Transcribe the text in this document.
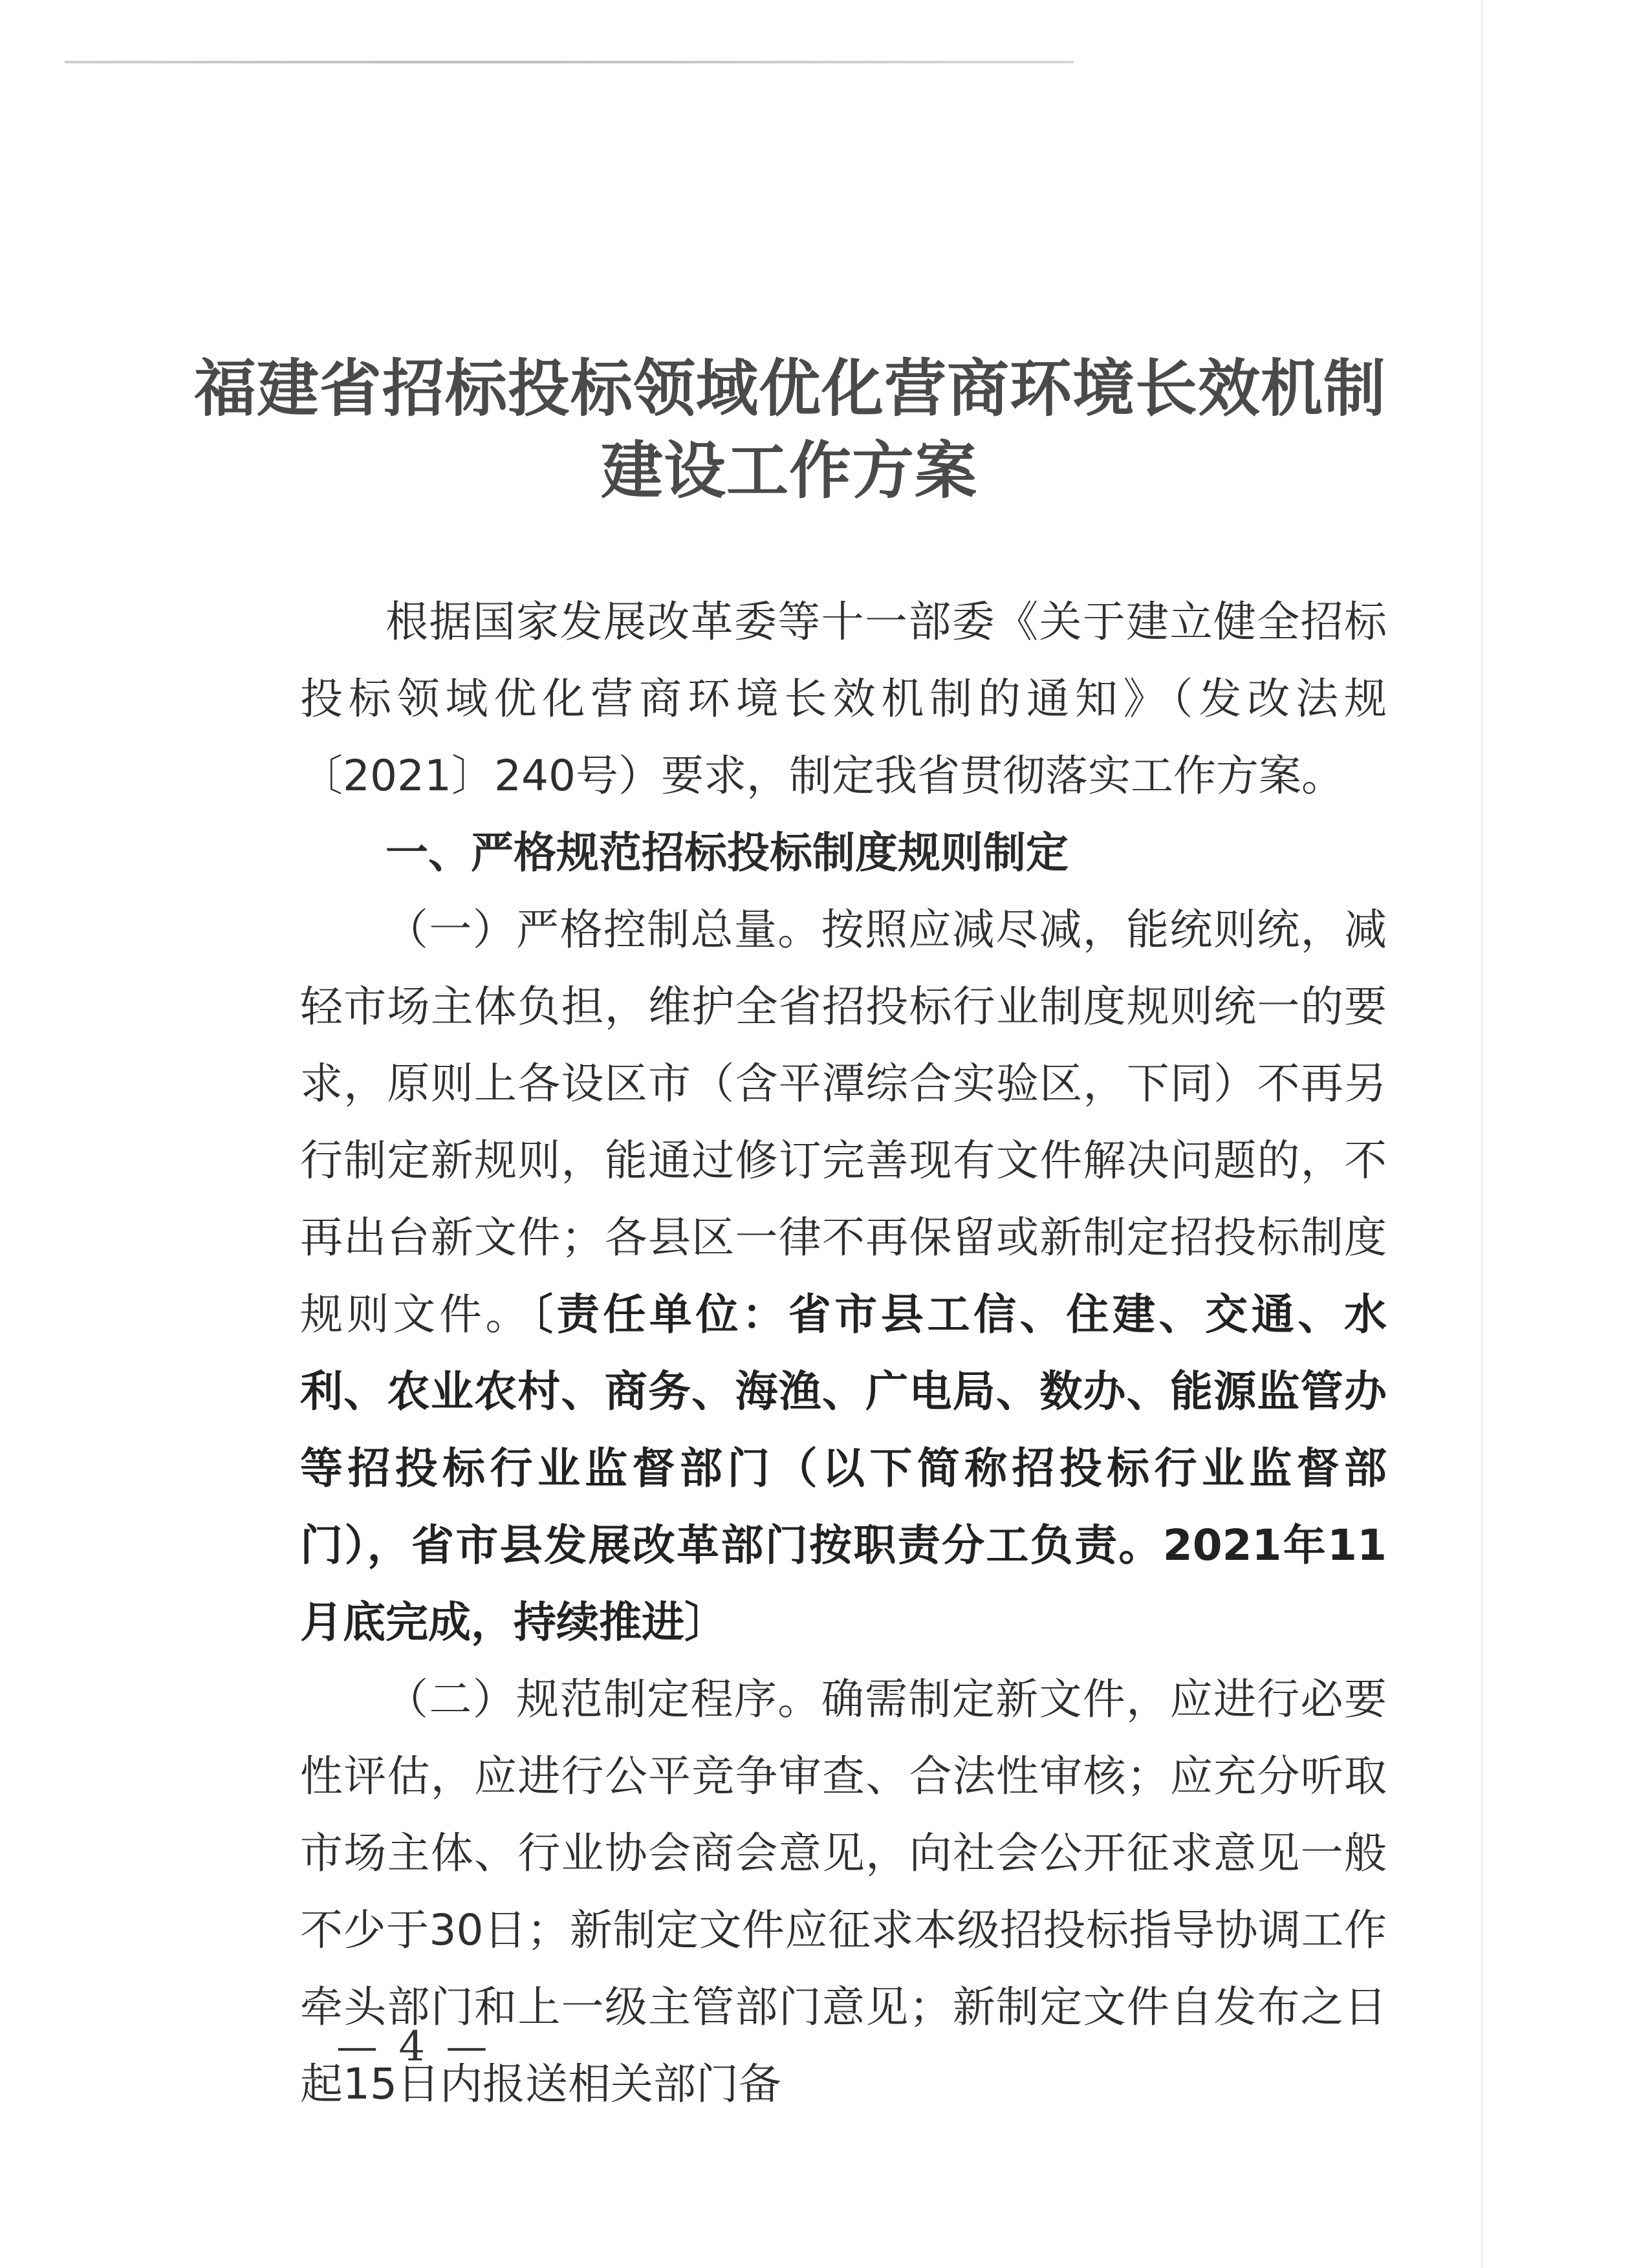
福建省招标投标领域优化营商环境长效机制
建设工作方案

根据国家发展改革委等十一部委《关于建立健全招标投标领域优化营商环境长效机制的通知》（发改法规〔2021〕240号）要求，制定我省贯彻落实工作方案。

一、严格规范招标投标制度规则制定

（一）严格控制总量。按照应减尽减，能统则统，减轻市场主体负担，维护全省招投标行业制度规则统一的要求，原则上各设区市（含平潭综合实验区，下同）不再另行制定新规则，能通过修订完善现有文件解决问题的，不再出台新文件；各县区一律不再保留或新制定招投标制度规则文件。〔责任单位：省市县工信、住建、交通、水利、农业农村、商务、海渔、广电局、数办、能源监管办等招投标行业监督部门（以下简称招投标行业监督部门），省市县发展改革部门按职责分工负责。2021年11月底完成，持续推进〕

（二）规范制定程序。确需制定新文件，应进行必要性评估，应进行公平竞争审查、合法性审核；应充分听取市场主体、行业协会商会意见，向社会公开征求意见一般不少于30日；新制定文件应征求本级招投标指导协调工作牵头部门和上一级主管部门意见；新制定文件自发布之日起15日内报送相关部门备

— 4 —
